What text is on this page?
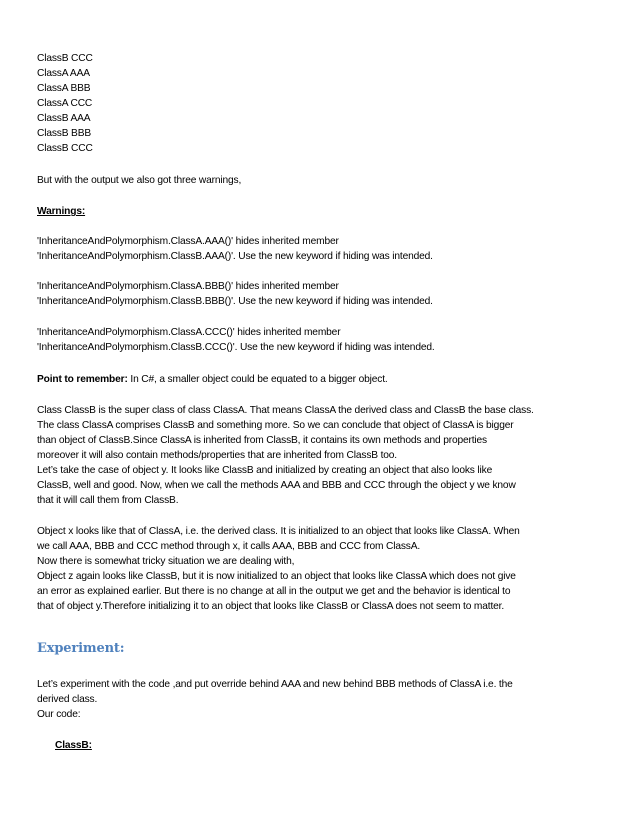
ClassB CCC
ClassA AAA
ClassA BBB
ClassA CCC
ClassB AAA
ClassB BBB
ClassB CCC
But with the output we also got three warnings,
Warnings:
'InheritanceAndPolymorphism.ClassA.AAA()' hides inherited member
'InheritanceAndPolymorphism.ClassB.AAA()'. Use the new keyword if hiding was intended.
'InheritanceAndPolymorphism.ClassA.BBB()' hides inherited member
'InheritanceAndPolymorphism.ClassB.BBB()'. Use the new keyword if hiding was intended.
'InheritanceAndPolymorphism.ClassA.CCC()' hides inherited member
'InheritanceAndPolymorphism.ClassB.CCC()'. Use the new keyword if hiding was intended.
Point to remember: In C#, a smaller object could be equated to a bigger object.
Class ClassB is the super class of class ClassA. That means ClassA the derived class and ClassB the base class.
The class ClassA comprises ClassB and something more. So we can conclude that object of ClassA is bigger
than object of ClassB.Since ClassA is inherited from ClassB, it contains its own methods and properties
moreover it will also contain methods/properties that are inherited from ClassB too.
Let’s take the case of object y. It looks like ClassB and initialized by creating an object that also looks like
ClassB, well and good. Now, when we call the methods AAA and BBB and CCC through the object y we know
that it will call them from ClassB.
Object x looks like that of ClassA, i.e. the derived class. It is initialized to an object that looks like ClassA. When
we call AAA, BBB and CCC method through x, it calls AAA, BBB and CCC from ClassA.
Now there is somewhat tricky situation we are dealing with,
Object z again looks like ClassB, but it is now initialized to an object that looks like ClassA which does not give
an error as explained earlier. But there is no change at all in the output we get and the behavior is identical to
that of object y.Therefore initializing it to an object that looks like ClassB or ClassA does not seem to matter.
Experiment:
Let’s experiment with the code ,and put override behind AAA and new behind BBB methods of ClassA i.e. the
derived class.
Our code:
ClassB:
